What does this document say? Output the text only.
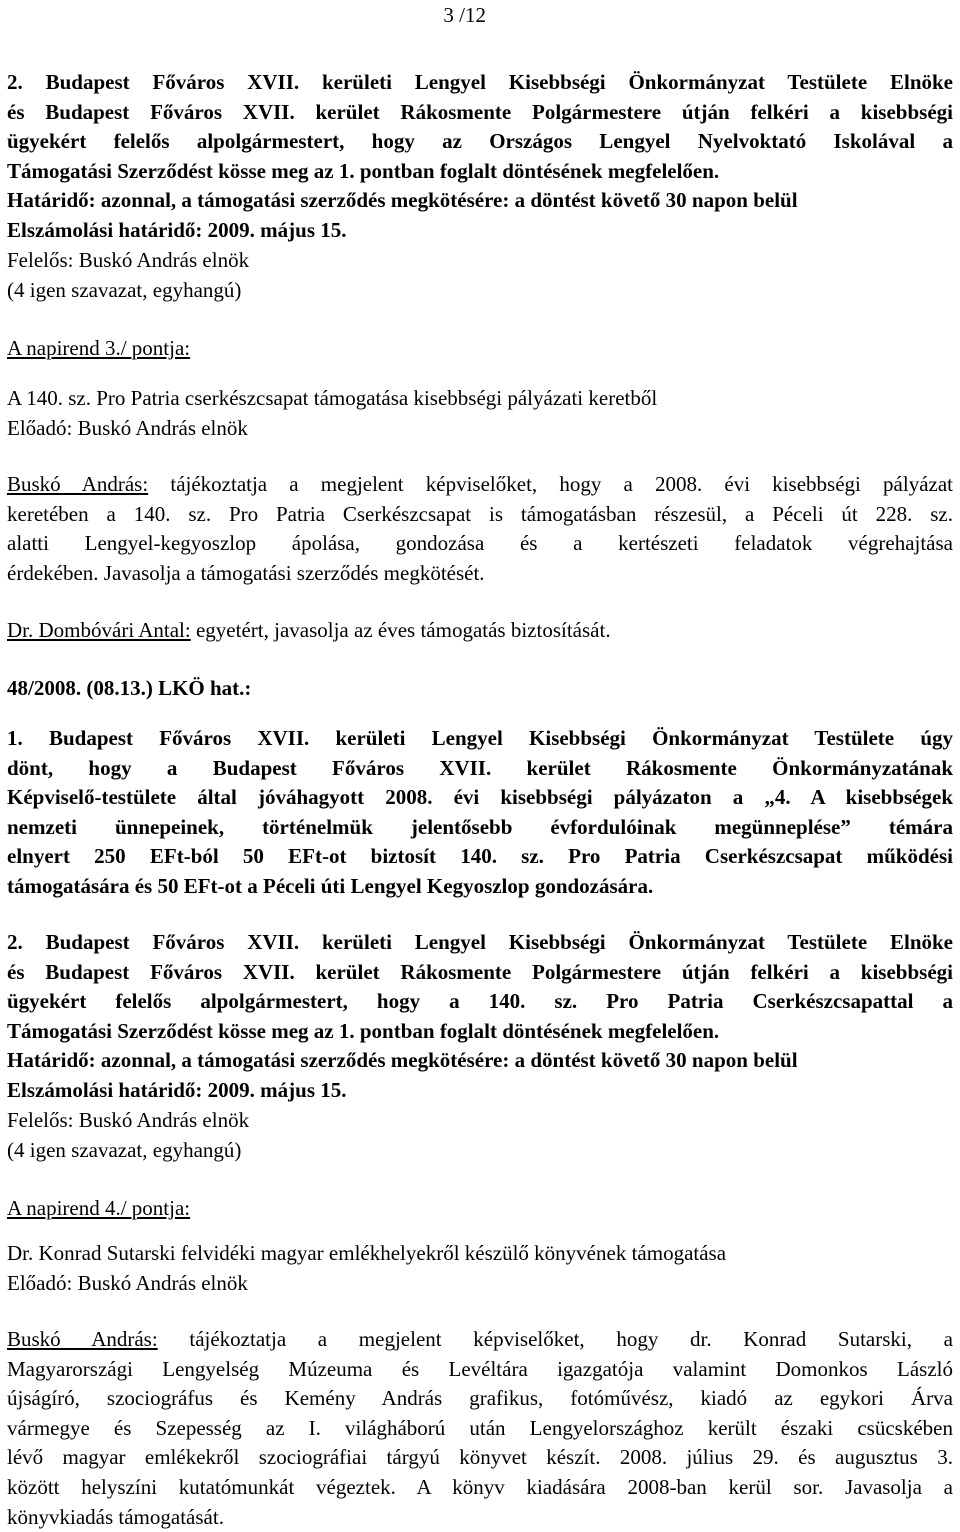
3 /12
2. Budapest Főváros XVII. kerületi Lengyel Kisebbségi Önkormányzat Testülete Elnöke
és Budapest Főváros XVII. kerület Rákosmente Polgármestere útján felkéri a kisebbségi
ügyekért felelős alpolgármestert, hogy az Országos Lengyel Nyelvoktató Iskolával a
Támogatási Szerződést kösse meg az 1. pontban foglalt döntésének megfelelően.
Határidő: azonnal, a támogatási szerződés megkötésére: a döntést követő 30 napon belül
Elszámolási határidő: 2009. május 15.
Felelős: Buskó András elnök
(4 igen szavazat, egyhangú)
A napirend 3./ pontja:
A 140. sz. Pro Patria cserkészcsapat támogatása kisebbségi pályázati keretből
Előadó: Buskó András elnök
Buskó András: tájékoztatja a megjelent képviselőket, hogy a 2008. évi kisebbségi pályázat
keretében a 140. sz. Pro Patria Cserkészcsapat is támogatásban részesül, a Péceli út 228. sz.
alatti Lengyel-kegyoszlop ápolása, gondozása és a kertészeti feladatok végrehajtása
érdekében. Javasolja a támogatási szerződés megkötését.
Dr. Dombóvári Antal: egyetért, javasolja az éves támogatás biztosítását.
48/2008. (08.13.) LKÖ hat.:
1. Budapest Főváros XVII. kerületi Lengyel Kisebbségi Önkormányzat Testülete úgy
dönt, hogy a Budapest Főváros XVII. kerület Rákosmente Önkormányzatának
Képviselő-testülete által jóváhagyott 2008. évi kisebbségi pályázaton a „4. A kisebbségek
nemzeti ünnepeinek, történelmük jelentősebb évfordulóinak megünneplése” témára
elnyert 250 EFt-ból 50 EFt-ot biztosít 140. sz. Pro Patria Cserkészcsapat működési
támogatására és 50 EFt-ot a Péceli úti Lengyel Kegyoszlop gondozására.
2. Budapest Főváros XVII. kerületi Lengyel Kisebbségi Önkormányzat Testülete Elnöke
és Budapest Főváros XVII. kerület Rákosmente Polgármestere útján felkéri a kisebbségi
ügyekért felelős alpolgármestert, hogy a 140. sz. Pro Patria Cserkészcsapattal a
Támogatási Szerződést kösse meg az 1. pontban foglalt döntésének megfelelően.
Határidő: azonnal, a támogatási szerződés megkötésére: a döntést követő 30 napon belül
Elszámolási határidő: 2009. május 15.
Felelős: Buskó András elnök
(4 igen szavazat, egyhangú)
A napirend 4./ pontja:
Dr. Konrad Sutarski felvidéki magyar emlékhelyekről készülő könyvének támogatása
Előadó: Buskó András elnök
Buskó András: tájékoztatja a megjelent képviselőket, hogy dr. Konrad Sutarski, a
Magyarországi Lengyelség Múzeuma és Levéltára igazgatója valamint Domonkos László
újságíró, szociográfus és Kemény András grafikus, fotóművész, kiadó az egykori Árva
vármegye és Szepesség az I. világháború után Lengyelországhoz került északi csücskében
lévő magyar emlékekről szociográfiai tárgyú könyvet készít. 2008. július 29. és augusztus 3.
között helyszíni kutatómunkát végeztek. A könyv kiadására 2008-ban kerül sor. Javasolja a
könyvkiadás támogatását.
